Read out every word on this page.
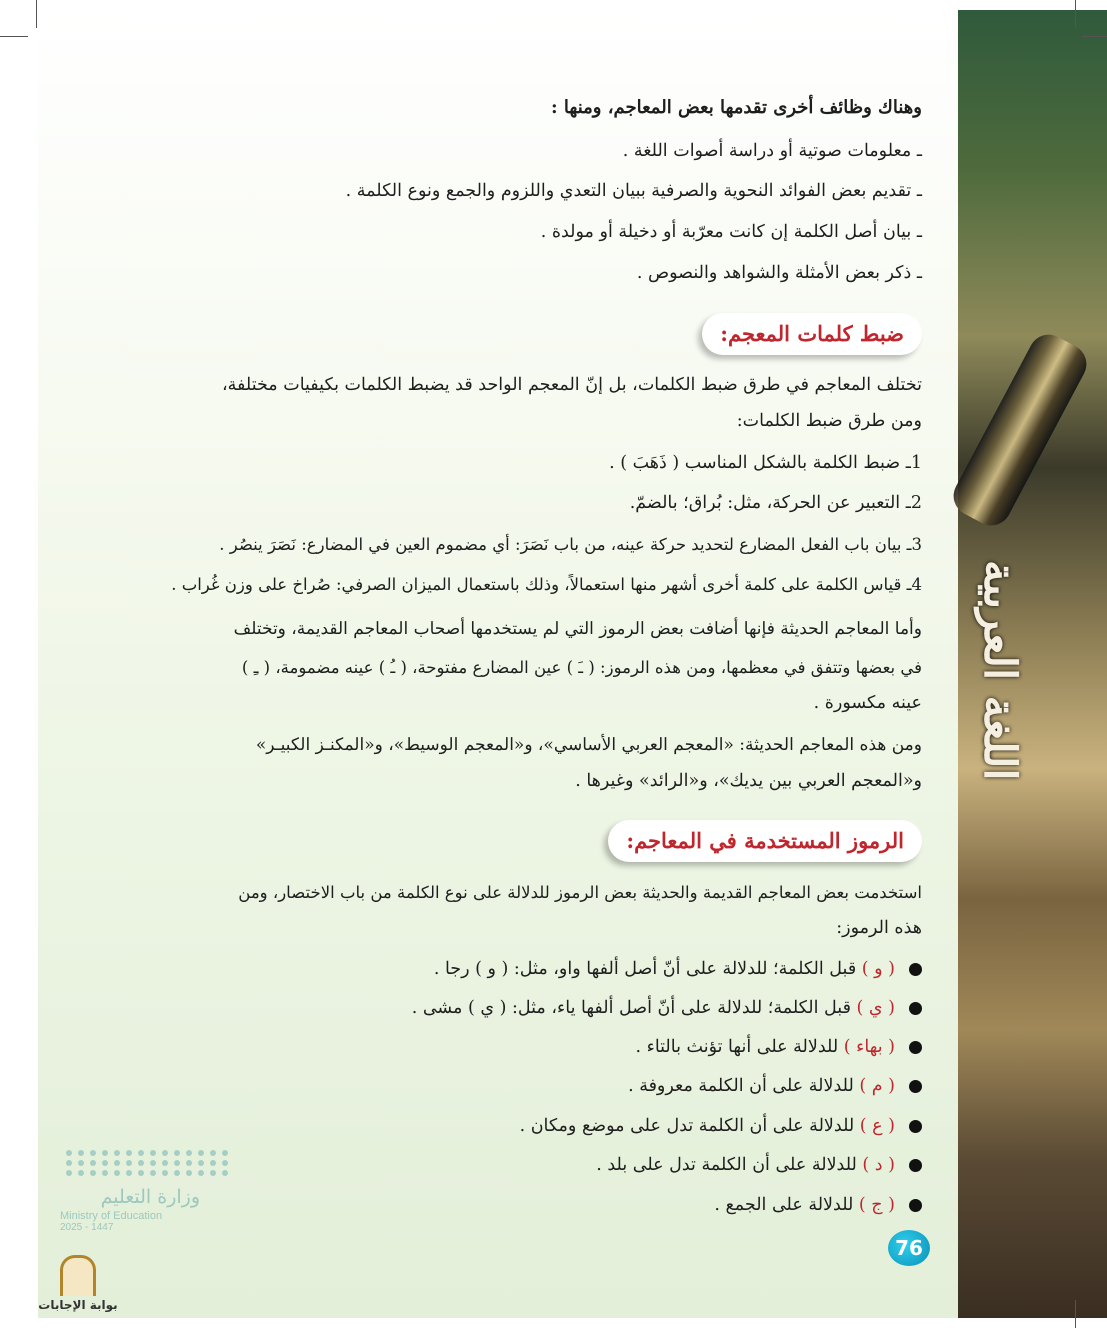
اللغة العربية
وهناك وظائف أخرى تقدمها بعض المعاجم، ومنها :
ـ معلومات صوتية أو دراسة أصوات اللغة .
ـ تقديم بعض الفوائد النحوية والصرفية ببيان التعدي واللزوم والجمع ونوع الكلمة .
ـ بيان أصل الكلمة إن كانت معرّبة أو دخيلة أو مولدة .
ـ ذكر بعض الأمثلة والشواهد والنصوص .
ضبط كلمات المعجم:
تختلف المعاجم في طرق ضبط الكلمات، بل إنّ المعجم الواحد قد يضبط الكلمات بكيفيات مختلفة،
ومن طرق ضبط الكلمات:
1ـ ضبط الكلمة بالشكل المناسب ( ذَهَبَ ) .
2ـ التعبير عن الحركة، مثل: بُراق؛ بالضمّ.
3ـ بيان باب الفعل المضارع لتحديد حركة عينه، من باب نَصَرَ: أي مضموم العين في المضارع: نَصَرَ ينصُر .
4ـ قياس الكلمة على كلمة أخرى أشهر منها استعمالاً، وذلك باستعمال الميزان الصرفي: صُراخ على وزن غُراب .
وأما المعاجم الحديثة فإنها أضافت بعض الرموز التي لم يستخدمها أصحاب المعاجم القديمة، وتختلف
في بعضها وتتفق في معظمها، ومن هذه الرموز: ( ـَ ) عين المضارع مفتوحة، ( ـُ ) عينه مضمومة، ( ـِ )
عينه مكسورة .
ومن هذه المعاجم الحديثة: «المعجم العربي الأساسي»، و«المعجم الوسيط»، و«المكنـز الكبيـر»
و«المعجم العربي بين يديك»، و«الرائد» وغيرها .
الرموز المستخدمة في المعاجم:
استخدمت بعض المعاجم القديمة والحديثة بعض الرموز للدلالة على نوع الكلمة من باب الاختصار، ومن
هذه الرموز:
( و ) قبل الكلمة؛ للدلالة على أنّ أصل ألفها واو، مثل: ( و ) رجا .
( ي ) قبل الكلمة؛ للدلالة على أنّ أصل ألفها ياء، مثل: ( ي ) مشى .
( بهاء ) للدلالة على أنها تؤنث بالتاء .
( م ) للدلالة على أن الكلمة معروفة .
( ع ) للدلالة على أن الكلمة تدل على موضع ومكان .
( د ) للدلالة على أن الكلمة تدل على بلد .
( ج ) للدلالة على الجمع .
76
وزارة التعليم
Ministry of Education
2025 - 1447
بوابة الإجابات
